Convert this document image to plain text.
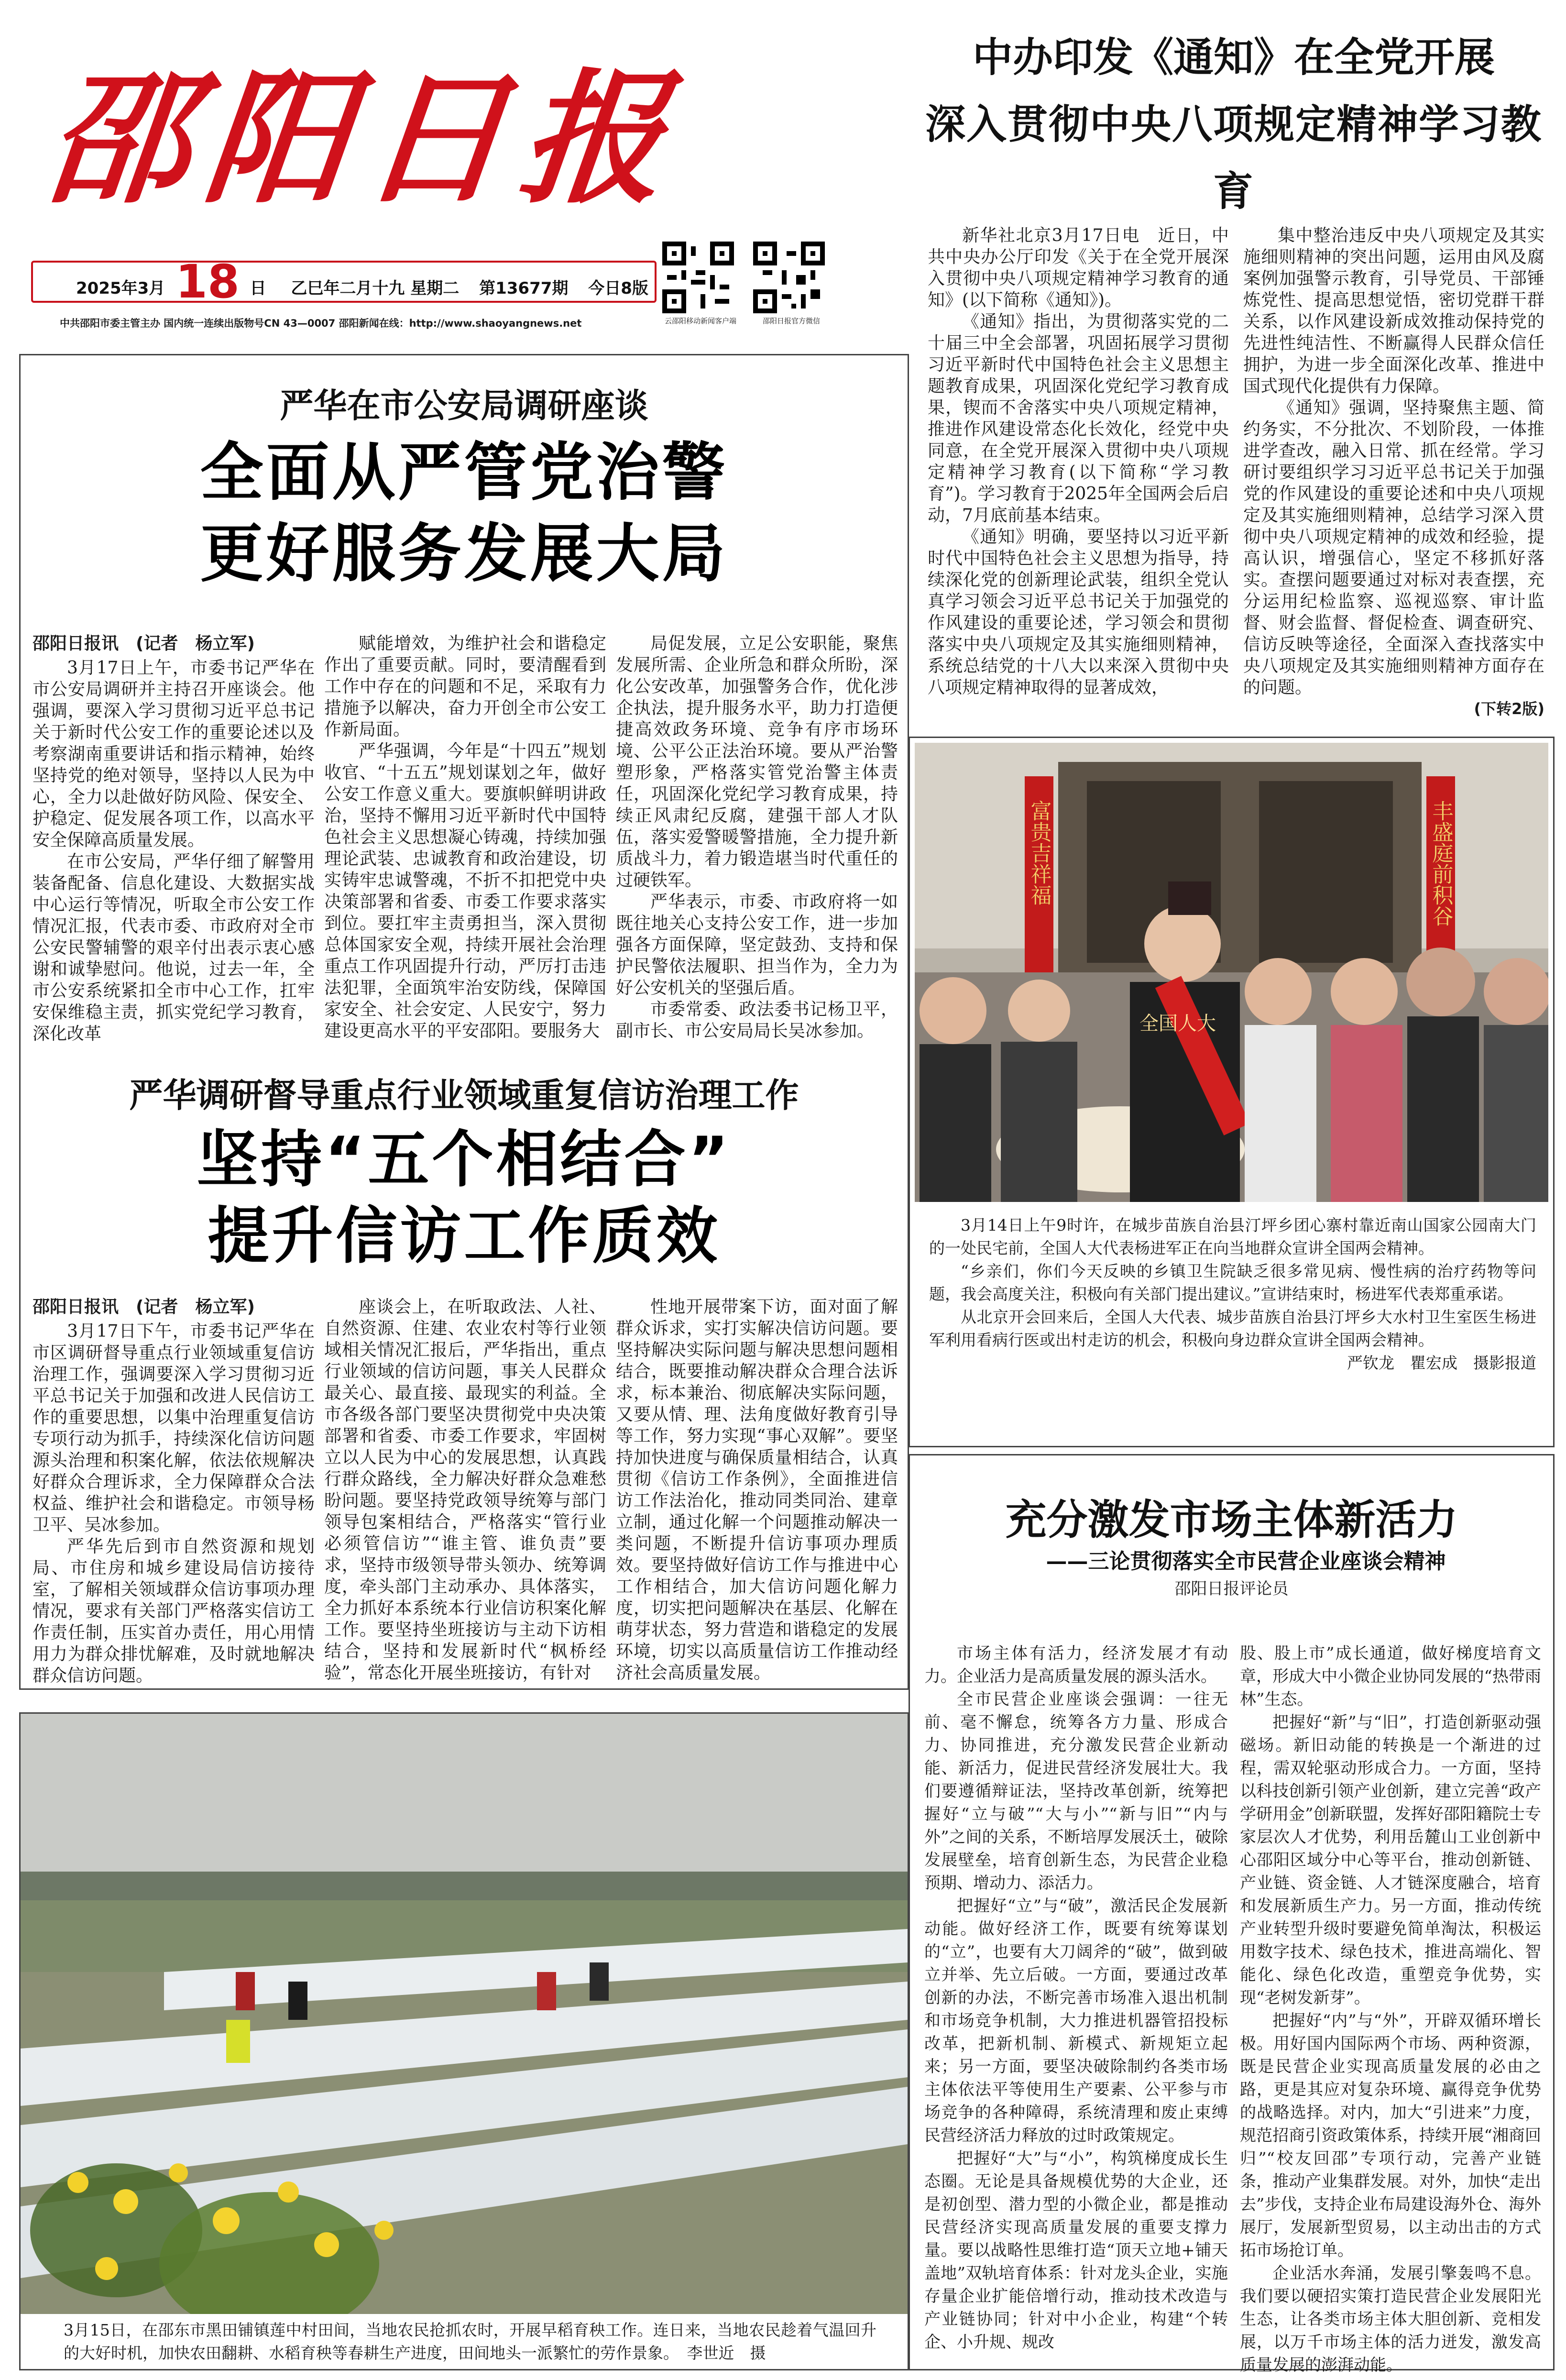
邵阳日报
2025年3月 18 日 乙巳年二月十九 星期二 第13677期 今日8版
云邵阳移动新闻客户端	邵阳日报官方微信
中共邵阳市委主管主办 国内统一连续出版物号CN 43—0007 邵阳新闻在线：http://www.shaoyangnews.net
中办印发《通知》在全党开展
深入贯彻中央八项规定精神学习教育

新华社北京3月17日电　近日，中共中央办公厅印发《关于在全党开展深入贯彻中央八项规定精神学习教育的通知》(以下简称《通知》)。

《通知》指出，为贯彻落实党的二十届三中全会部署，巩固拓展学习贯彻习近平新时代中国特色社会主义思想主题教育成果，巩固深化党纪学习教育成果，锲而不舍落实中央八项规定精神，推进作风建设常态化长效化，经党中央同意，在全党开展深入贯彻中央八项规定精神学习教育(以下简称“学习教育”)。学习教育于2025年全国两会后启动，7月底前基本结束。

《通知》明确，要坚持以习近平新时代中国特色社会主义思想为指导，持续深化党的创新理论武装，组织全党认真学习领会习近平总书记关于加强党的作风建设的重要论述，学习领会和贯彻落实中央八项规定及其实施细则精神，系统总结党的十八大以来深入贯彻中央八项规定精神取得的显著成效，

集中整治违反中央八项规定及其实施细则精神的突出问题，运用由风及腐案例加强警示教育，引导党员、干部锤炼党性、提高思想觉悟，密切党群干群关系，以作风建设新成效推动保持党的先进性纯洁性、不断赢得人民群众信任拥护，为进一步全面深化改革、推进中国式现代化提供有力保障。

《通知》强调，坚持聚焦主题、简约务实，不分批次、不划阶段，一体推进学查改，融入日常、抓在经常。学习研讨要组织学习习近平总书记关于加强党的作风建设的重要论述和中央八项规定及其实施细则精神，总结学习深入贯彻中央八项规定精神的成效和经验，提高认识，增强信心，坚定不移抓好落实。查摆问题要通过对标对表查摆，充分运用纪检监察、巡视巡察、审计监督、财会监督、督促检查、调查研究、信访反映等途径，全面深入查找落实中央八项规定及其实施细则精神方面存在的问题。

(下转2版)

严华在市公安局调研座谈
全面从严管党治警
更好服务发展大局

邵阳日报讯　(记者　杨立军)

3月17日上午，市委书记严华在市公安局调研并主持召开座谈会。他强调，要深入学习贯彻习近平总书记关于新时代公安工作的重要论述以及考察湖南重要讲话和指示精神，始终坚持党的绝对领导，坚持以人民为中心，全力以赴做好防风险、保安全、护稳定、促发展各项工作，以高水平安全保障高质量发展。

在市公安局，严华仔细了解警用装备配备、信息化建设、大数据实战中心运行等情况，听取全市公安工作情况汇报，代表市委、市政府对全市公安民警辅警的艰辛付出表示衷心感谢和诚挚慰问。他说，过去一年，全市公安系统紧扣全市中心工作，扛牢安保维稳主责，抓实党纪学习教育，深化改革

赋能增效，为维护社会和谐稳定作出了重要贡献。同时，要清醒看到工作中存在的问题和不足，采取有力措施予以解决，奋力开创全市公安工作新局面。

严华强调，今年是“十四五”规划收官、“十五五”规划谋划之年，做好公安工作意义重大。要旗帜鲜明讲政治，坚持不懈用习近平新时代中国特色社会主义思想凝心铸魂，持续加强理论武装、忠诚教育和政治建设，切实铸牢忠诚警魂，不折不扣把党中央决策部署和省委、市委工作要求落实到位。要扛牢主责勇担当，深入贯彻总体国家安全观，持续开展社会治理重点工作巩固提升行动，严厉打击违法犯罪，全面筑牢治安防线，保障国家安全、社会安定、人民安宁，努力建设更高水平的平安邵阳。要服务大

局促发展，立足公安职能，聚焦发展所需、企业所急和群众所盼，深化公安改革，加强警务合作，优化涉企执法，提升服务水平，助力打造便捷高效政务环境、竞争有序市场环境、公平公正法治环境。要从严治警塑形象，严格落实管党治警主体责任，巩固深化党纪学习教育成果，持续正风肃纪反腐，建强干部人才队伍，落实爱警暖警措施，全力提升新质战斗力，着力锻造堪当时代重任的过硬铁军。

严华表示，市委、市政府将一如既往地关心支持公安工作，进一步加强各方面保障，坚定鼓劲、支持和保护民警依法履职、担当作为，全力为好公安机关的坚强后盾。

市委常委、政法委书记杨卫平，副市长、市公安局局长吴冰参加。

严华调研督导重点行业领域重复信访治理工作
坚持“五个相结合”
提升信访工作质效

邵阳日报讯　(记者　杨立军)

3月17日下午，市委书记严华在市区调研督导重点行业领域重复信访治理工作，强调要深入学习贯彻习近平总书记关于加强和改进人民信访工作的重要思想，以集中治理重复信访专项行动为抓手，持续深化信访问题源头治理和积案化解，依法依规解决好群众合理诉求，全力保障群众合法权益、维护社会和谐稳定。市领导杨卫平、吴冰参加。

严华先后到市自然资源和规划局、市住房和城乡建设局信访接待室，了解相关领域群众信访事项办理情况，要求有关部门严格落实信访工作责任制，压实首办责任，用心用情用力为群众排忧解难，及时就地解决群众信访问题。

座谈会上，在听取政法、人社、自然资源、住建、农业农村等行业领域相关情况汇报后，严华指出，重点行业领域的信访问题，事关人民群众最关心、最直接、最现实的利益。全市各级各部门要坚决贯彻党中央决策部署和省委、市委工作要求，牢固树立以人民为中心的发展思想，认真践行群众路线，全力解决好群众急难愁盼问题。要坚持党政领导统筹与部门领导包案相结合，严格落实“管行业必须管信访”“谁主管、谁负责”要求，坚持市级领导带头领办、统筹调度，牵头部门主动承办、具体落实，全力抓好本系统本行业信访积案化解工作。要坚持坐班接访与主动下访相结合，坚持和发展新时代“枫桥经验”，常态化开展坐班接访，有针对

性地开展带案下访，面对面了解群众诉求，实打实解决信访问题。要坚持解决实际问题与解决思想问题相结合，既要推动解决群众合理合法诉求，标本兼治、彻底解决实际问题，又要从情、理、法角度做好教育引导等工作，努力实现“事心双解”。要坚持加快进度与确保质量相结合，认真贯彻《信访工作条例》，全面推进信访工作法治化，推动同类同治、建章立制，通过化解一个问题推动解决一类问题，不断提升信访事项办理质效。要坚持做好信访工作与推进中心工作相结合，加大信访问题化解力度，切实把问题解决在基层、化解在萌芽状态，努力营造和谐稳定的发展环境，切实以高质量信访工作推动经济社会高质量发展。

富贵吉祥福	丰盛庭前积谷
全国人大

3月14日上午9时许，在城步苗族自治县汀坪乡团心寨村靠近南山国家公园南大门的一处民宅前，全国人大代表杨进军正在向当地群众宣讲全国两会精神。

“乡亲们，你们今天反映的乡镇卫生院缺乏很多常见病、慢性病的治疗药物等问题，我会高度关注，积极向有关部门提出建议。”宣讲结束时，杨进军代表郑重承诺。

从北京开会回来后，全国人大代表、城步苗族自治县汀坪乡大水村卫生室医生杨进军利用看病行医或出村走访的机会，积极向身边群众宣讲全国两会精神。

严钦龙　瞿宏成　摄影报道

3月15日，在邵东市黑田铺镇莲中村田间，当地农民抢抓农时，开展早稻育秧工作。连日来，当地农民趁着气温回升的大好时机，加快农田翻耕、水稻育秧等春耕生产进度，田间地头一派繁忙的劳作景象。　李世近　摄
充分激发市场主体新活力
——三论贯彻落实全市民营企业座谈会精神
邵阳日报评论员

市场主体有活力，经济发展才有动力。企业活力是高质量发展的源头活水。

全市民营企业座谈会强调：一往无前、毫不懈怠，统筹各方力量、形成合力、协同推进，充分激发民营企业新动能、新活力，促进民营经济发展壮大。我们要遵循辩证法，坚持改革创新，统筹把握好“立与破”“大与小”“新与旧”“内与外”之间的关系，不断培厚发展沃土，破除发展壁垒，培育创新生态，为民营企业稳预期、增动力、添活力。

把握好“立”与“破”，激活民企发展新动能。做好经济工作，既要有统筹谋划的“立”，也要有大刀阔斧的“破”，做到破立并举、先立后破。一方面，要通过改革创新的办法，不断完善市场准入退出机制和市场竞争机制，大力推进机器管招投标改革，把新机制、新模式、新规矩立起来；另一方面，要坚决破除制约各类市场主体依法平等使用生产要素、公平参与市场竞争的各种障碍，系统清理和废止束缚民营经济活力释放的过时政策规定。

把握好“大”与“小”，构筑梯度成长生态圈。无论是具备规模优势的大企业，还是初创型、潜力型的小微企业，都是推动民营经济实现高质量发展的重要支撑力量。要以战略性思维打造“顶天立地+铺天盖地”双轨培育体系：针对龙头企业，实施存量企业扩能倍增行动，推动技术改造与产业链协同；针对中小企业，构建“个转企、小升规、规改

股、股上市”成长通道，做好梯度培育文章，形成大中小微企业协同发展的“热带雨林”生态。

把握好“新”与“旧”，打造创新驱动强磁场。新旧动能的转换是一个渐进的过程，需双轮驱动形成合力。一方面，坚持以科技创新引领产业创新，建立完善“政产学研用金”创新联盟，发挥好邵阳籍院士专家层次人才优势，利用岳麓山工业创新中心邵阳区域分中心等平台，推动创新链、产业链、资金链、人才链深度融合，培育和发展新质生产力。另一方面，推动传统产业转型升级时要避免简单淘汰，积极运用数字技术、绿色技术，推进高端化、智能化、绿色化改造，重塑竞争优势，实现“老树发新芽”。

把握好“内”与“外”，开辟双循环增长极。用好国内国际两个市场、两种资源，既是民营企业实现高质量发展的必由之路，更是其应对复杂环境、赢得竞争优势的战略选择。对内，加大“引进来”力度，规范招商引资政策体系，持续开展“湘商回归”“校友回邵”专项行动，完善产业链条，推动产业集群发展。对外，加快“走出去”步伐，支持企业布局建设海外仓、海外展厅，发展新型贸易，以主动出击的方式拓市场抢订单。

企业活水奔涌，发展引擎轰鸣不息。我们要以硬招实策打造民营企业发展阳光生态，让各类市场主体大胆创新、竞相发展，以万千市场主体的活力迸发，激发高质量发展的澎湃动能。
